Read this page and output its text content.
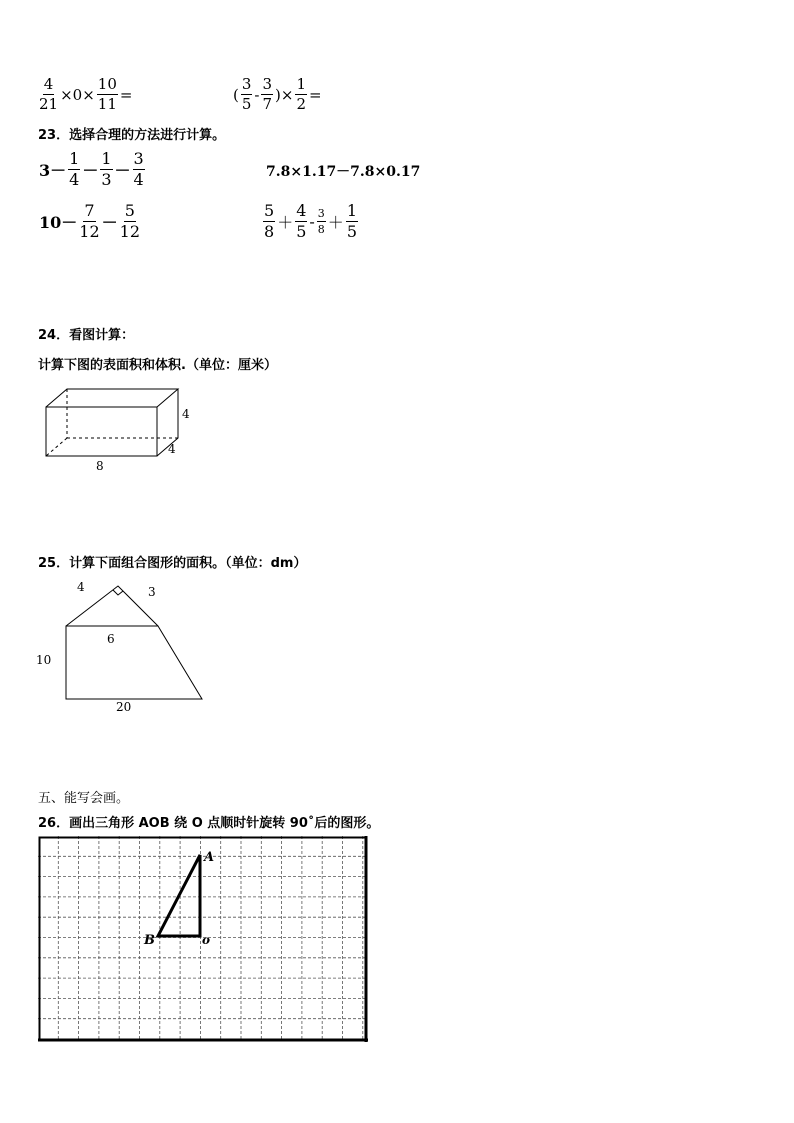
$\frac{4}{21} \times 0\times \frac{10}{11}$ =	( $\frac{3}{5} - \frac{3}{7}$ )× $\frac{1}{2}$ =
23．选择合理的方法进行计算。
$3- \frac{1}{4} - \frac{1}{3} - \frac{3}{4}$	7.8×1.17－7.8×0.17
$10- \frac{7}{12} - \frac{5}{12}$	$\frac{5}{8} + \frac{4}{5} - \frac{3}{8} + \frac{1}{5}$
24．看图计算：
计算下图的表面积和体积.（单位：厘米）
4
4
8
25．计算下面组合图形的面积。（单位：dm）
4	3
6
10
20
五、能写会画。
26．画出三角形 AOB 绕 O 点顺时针旋转 90˚后的图形。
A
B	o
